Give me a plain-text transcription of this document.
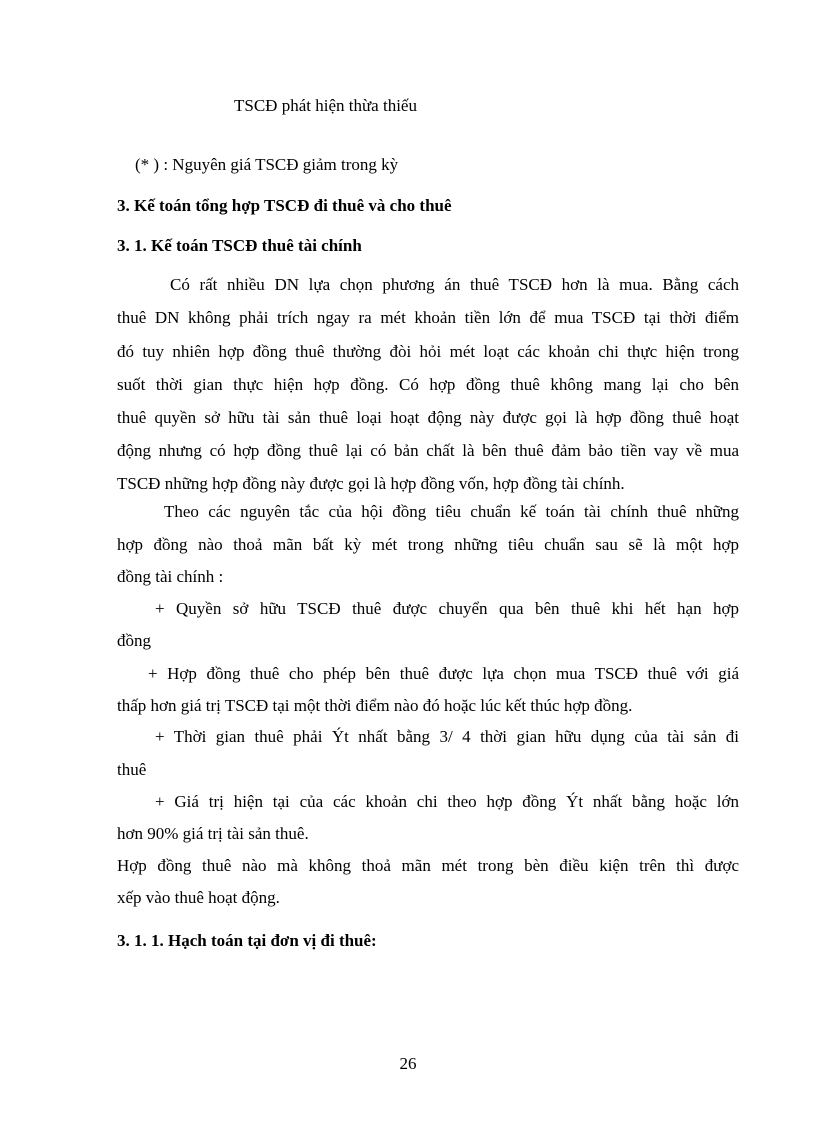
TSCĐ phát hiện thừa thiếu
(* ) : Nguyên giá TSCĐ giảm trong kỳ
3. Kế toán tổng hợp TSCĐ đi thuê và cho thuê
3. 1. Kế toán TSCĐ thuê tài chính
Có rất nhiều DN lựa chọn phương án thuê TSCĐ hơn là mua. Bằng cách
thuê DN không phải trích ngay ra mét khoản tiền lớn để mua TSCĐ tại thời điểm
đó tuy nhiên hợp đồng thuê thường đòi hỏi mét loạt các khoản chi thực hiện trong
suốt thời gian thực hiện hợp đồng. Có hợp đồng thuê không mang lại cho bên
thuê quyền sở hữu tài sản thuê loại hoạt động này được gọi là hợp đồng thuê hoạt
động nhưng có hợp đồng thuê lại có bản chất là bên thuê đảm bảo tiền vay về mua
TSCĐ những hợp đồng này được gọi là hợp đồng vốn, hợp đồng tài chính.
Theo các nguyên tắc của hội đồng tiêu chuẩn kế toán tài chính thuê những
hợp đồng nào thoả mãn bất kỳ mét trong những tiêu chuẩn sau sẽ là một hợp
đồng tài chính :
+ Quyền sở hữu TSCĐ thuê được chuyển qua bên thuê khi hết hạn hợp
đồng
+ Hợp đồng thuê cho phép bên thuê được lựa chọn mua TSCĐ thuê với giá
thấp hơn giá trị TSCĐ tại một thời điểm nào đó hoặc lúc kết thúc hợp đồng.
+ Thời gian thuê phải Ýt nhất bằng 3/ 4 thời gian hữu dụng của tài sản đi
thuê
+ Giá trị hiện tại của các khoản chi theo hợp đồng Ýt nhất bằng hoặc lớn
hơn 90% giá trị tài sản thuê.
Hợp đồng thuê nào mà không thoả mãn mét trong bèn điều kiện trên thì được
xếp vào thuê hoạt động.
3. 1. 1. Hạch toán tại đơn vị đi thuê:
26
